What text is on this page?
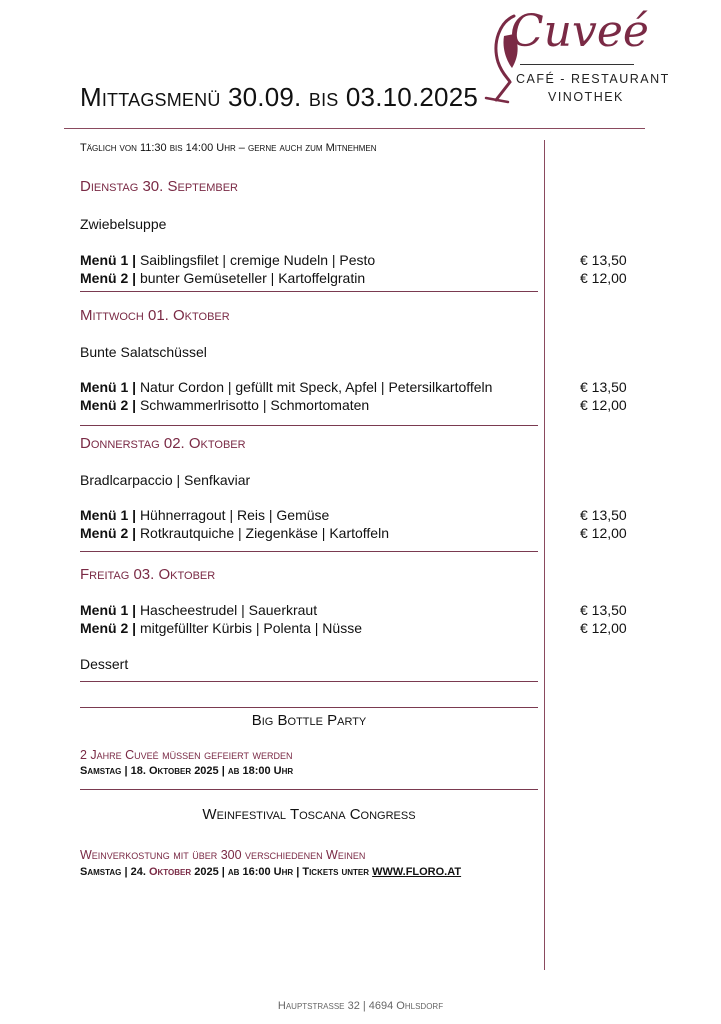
Cuveé
CAFÉ - RESTAURANT
VINOTHEK
Mittagsmenü 30.09. bis 03.10.2025
Täglich von 11:30 bis 14:00 Uhr – gerne auch zum Mitnehmen
Dienstag 30. September
Zwiebelsuppe
Menü 1 | Saiblingsfilet | cremige Nudeln | Pesto	€ 13,50
Menü 2 | bunter Gemüseteller | Kartoffelgratin	€ 12,00
Mittwoch 01. Oktober
Bunte Salatschüssel
Menü 1 | Natur Cordon | gefüllt mit Speck, Apfel | Petersilkartoffeln	€ 13,50
Menü 2 | Schwammerlrisotto | Schmortomaten	€ 12,00
Donnerstag 02. Oktober
Bradlcarpaccio | Senfkaviar
Menü 1 | Hühnerragout | Reis | Gemüse	€ 13,50
Menü 2 | Rotkrautquiche | Ziegenkäse | Kartoffeln	€ 12,00
Freitag 03. Oktober
Menü 1 | Hascheestrudel | Sauerkraut	€ 13,50
Menü 2 | mitgefüllter Kürbis | Polenta | Nüsse	€ 12,00
Dessert
Big Bottle Party
2 Jahre Cuveé müssen gefeiert werden
Samstag | 18. Oktober 2025 | ab 18:00 Uhr
Weinfestival Toscana Congress
Weinverkostung mit über 300 verschiedenen Weinen
Samstag | 24. Oktober 2025 | ab 16:00 Uhr | Tickets unter WWW.FLORO.AT
Hauptstraße 32 | 4694 Ohlsdorf
